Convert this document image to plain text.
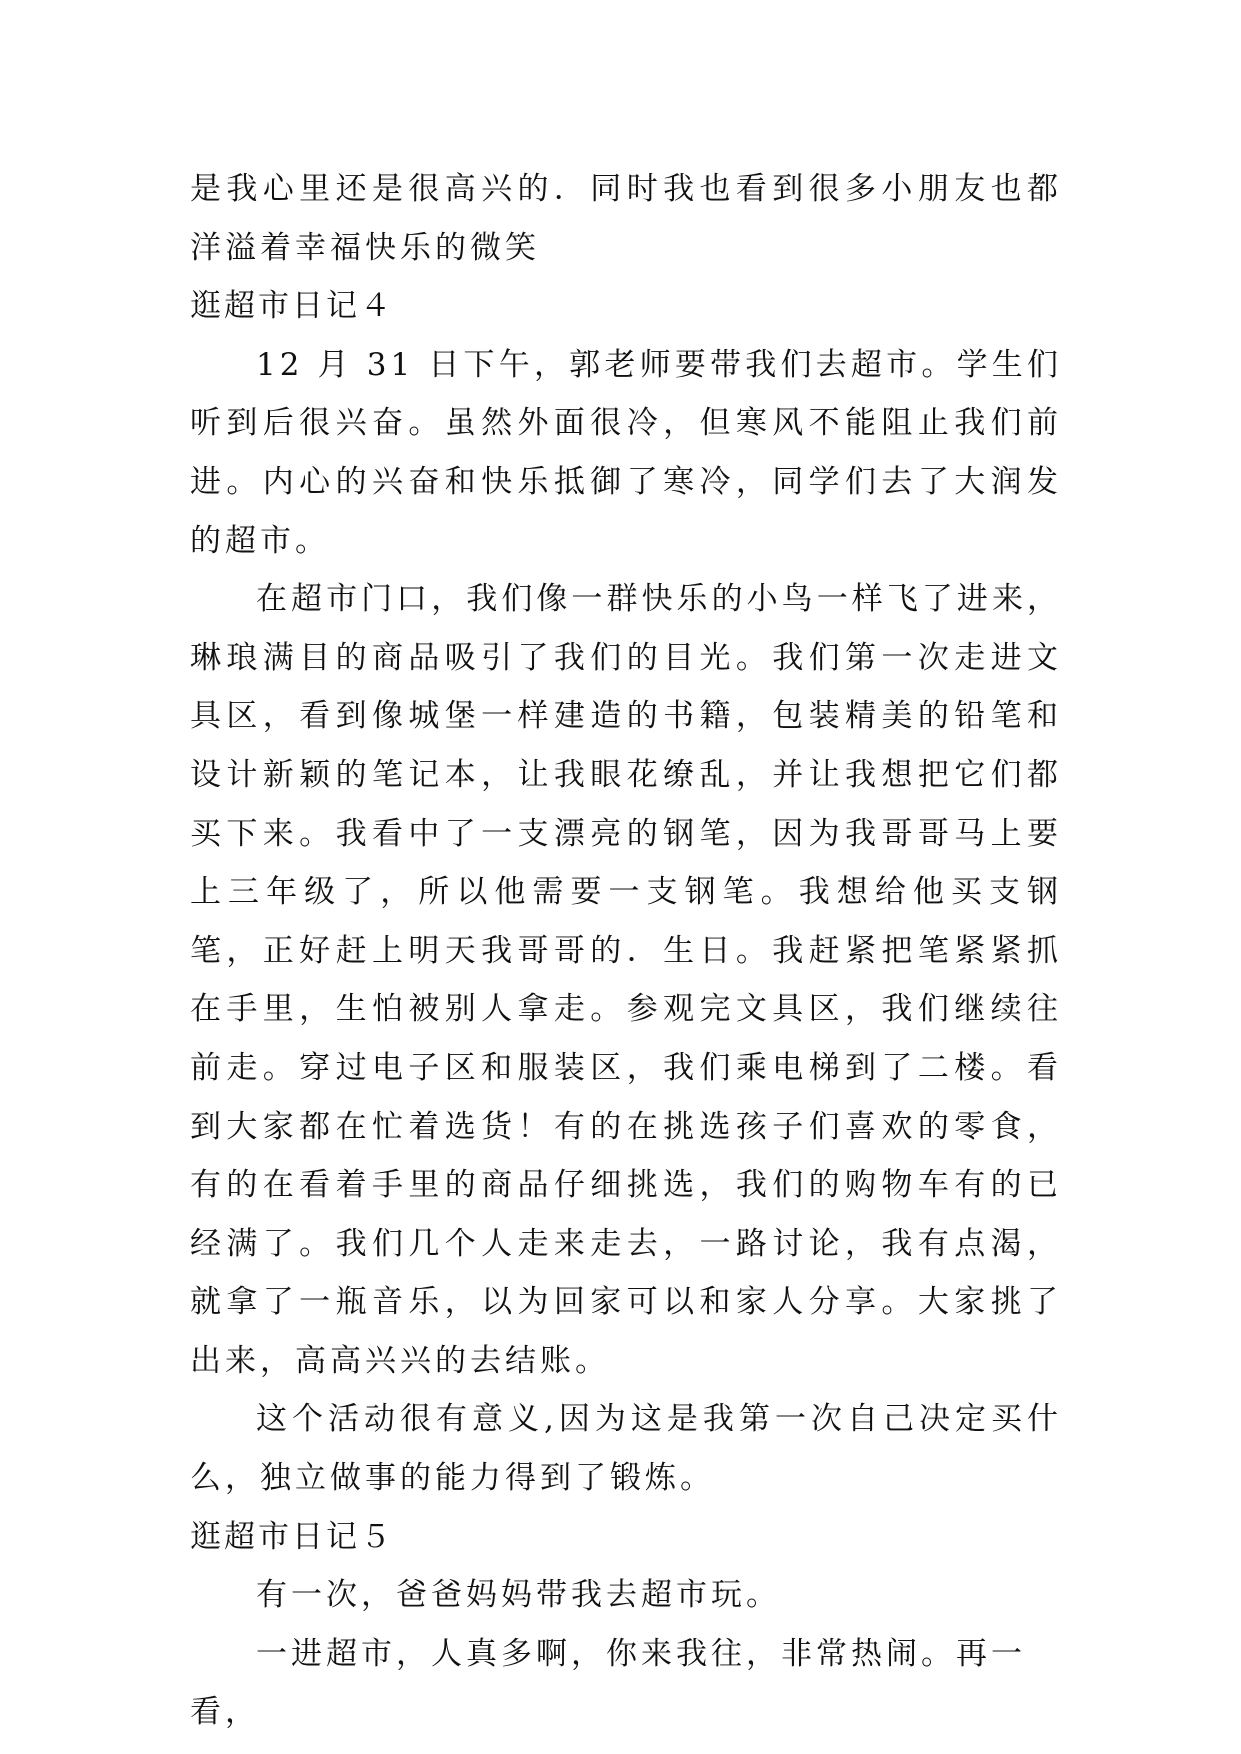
是我心里还是很高兴的．同时我也看到很多小朋友也都洋溢着幸福快乐的微笑

逛超市日记４

12 月 31 日下午，郭老师要带我们去超市。学生们听到后很兴奋。虽然外面很冷，但寒风不能阻止我们前进。内心的兴奋和快乐抵御了寒冷，同学们去了大润发的超市。

在超市门口，我们像一群快乐的小鸟一样飞了进来，琳琅满目的商品吸引了我们的目光。我们第一次走进文具区，看到像城堡一样建造的书籍，包装精美的铅笔和设计新颖的笔记本，让我眼花缭乱，并让我想把它们都买下来。我看中了一支漂亮的钢笔，因为我哥哥马上要上三年级了，所以他需要一支钢笔。我想给他买支钢笔，正好赶上明天我哥哥的．生日。我赶紧把笔紧紧抓在手里，生怕被别人拿走。参观完文具区，我们继续往前走。穿过电子区和服装区，我们乘电梯到了二楼。看到大家都在忙着选货！有的在挑选孩子们喜欢的零食，有的在看着手里的商品仔细挑选，我们的购物车有的已经满了。我们几个人走来走去，一路讨论，我有点渴，就拿了一瓶音乐，以为回家可以和家人分享。大家挑了出来，高高兴兴的去结账。

这个活动很有意义,因为这是我第一次自己决定买什么，独立做事的能力得到了锻炼。

逛超市日记５

有一次，爸爸妈妈带我去超市玩。

一进超市，人真多啊，你来我往，非常热闹。再一看，
